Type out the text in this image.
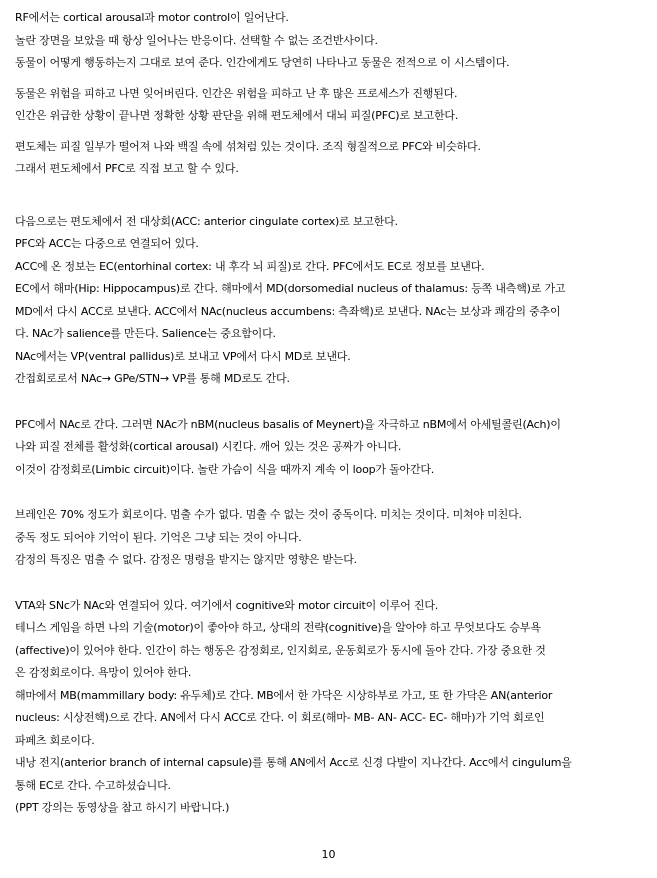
RF에서는 cortical arousal과 motor control이 일어난다.
놀란 장면을 보았을 때 항상 일어나는 반응이다. 선택할 수 없는 조건반사이다.
동물이 어떻게 행동하는지 그대로 보여 준다. 인간에게도 당연히 나타나고 동물은 전적으로 이 시스템이다.
동물은 위험을 피하고 나면 잊어버린다. 인간은 위험을 피하고 난 후 많은 프로세스가 진행된다.
인간은 위급한 상황이 끝나면 정확한 상황 판단을 위해 편도체에서 대뇌 피질(PFC)로 보고한다.
편도체는 피질 일부가 떨어져 나와 백질 속에 섞쳐럼 있는 것이다. 조직 형질적으로 PFC와 비슷하다.
그래서 편도체에서 PFC로 직접 보고 할 수 있다.
다음으로는 편도체에서 전 대상회(ACC: anterior cingulate cortex)로 보고한다.
PFC와 ACC는 다중으로 연결되어 있다.
ACC에 온 정보는 EC(entorhinal cortex: 내 후각 뇌 피질)로 간다. PFC에서도 EC로 정보를 보낸다.
EC에서 해마(Hip: Hippocampus)로 간다. 해마에서 MD(dorsomedial nucleus of thalamus: 등쪽 내측핵)로 가고
MD에서 다시 ACC로 보낸다. ACC에서 NAc(nucleus accumbens: 측좌핵)로 보낸다. NAc는 보상과 쾌감의 중추이
다. NAc가 salience를 만든다. Salience는 중요함이다.
NAc에서는 VP(ventral pallidus)로 보내고 VP에서 다시 MD로 보낸다.
간접회로로서 NAc→ GPe/STN→ VP를 통해 MD로도 간다.
PFC에서 NAc로 간다. 그러면 NAc가 nBM(nucleus basalis of Meynert)을 자극하고 nBM에서 아세틸콜린(Ach)이
나와 피질 전체를 활성화(cortical arousal) 시킨다. 깨어 있는 것은 공짜가 아니다.
이것이 감정회로(Limbic circuit)이다. 놀란 가슴이 식을 때까지 계속 이 loop가 돌아간다.
브레인은 70% 정도가 회로이다. 멈출 수가 없다. 멈출 수 없는 것이 중독이다. 미치는 것이다. 미쳐야 미친다.
중독 정도 되어야 기억이 된다. 기억은 그냥 되는 것이 아니다.
감정의 특징은 멈출 수 없다. 감정은 명령을 받지는 않지만 영향은 받는다.
VTA와 SNc가 NAc와 연결되어 있다. 여기에서 cognitive와 motor circuit이 이루어 진다.
테니스 게임을 하면 나의 기술(motor)이 좋아야 하고, 상대의 전략(cognitive)을 알아야 하고 무엇보다도 승부욕
(affective)이 있어야 한다. 인간이 하는 행동은 감정회로, 인지회로, 운동회로가 동시에 돌아 간다. 가장 중요한 것
은 감정회로이다. 욕망이 있어야 한다.
해마에서 MB(mammillary body: 유두체)로 간다. MB에서 한 가닥은 시상하부로 가고, 또 한 가닥은 AN(anterior
nucleus: 시상전핵)으로 간다. AN에서 다시 ACC로 간다. 이 회로(해마- MB- AN- ACC- EC- 해마)가 기억 회로인
파페츠 회로이다.
내낭 전지(anterior branch of internal capsule)를 통해 AN에서 Acc로 신경 다발이 지나간다. Acc에서 cingulum을
통해 EC로 간다. 수고하셨습니다.
(PPT 강의는 동영상을 참고 하시기 바랍니다.)
10
